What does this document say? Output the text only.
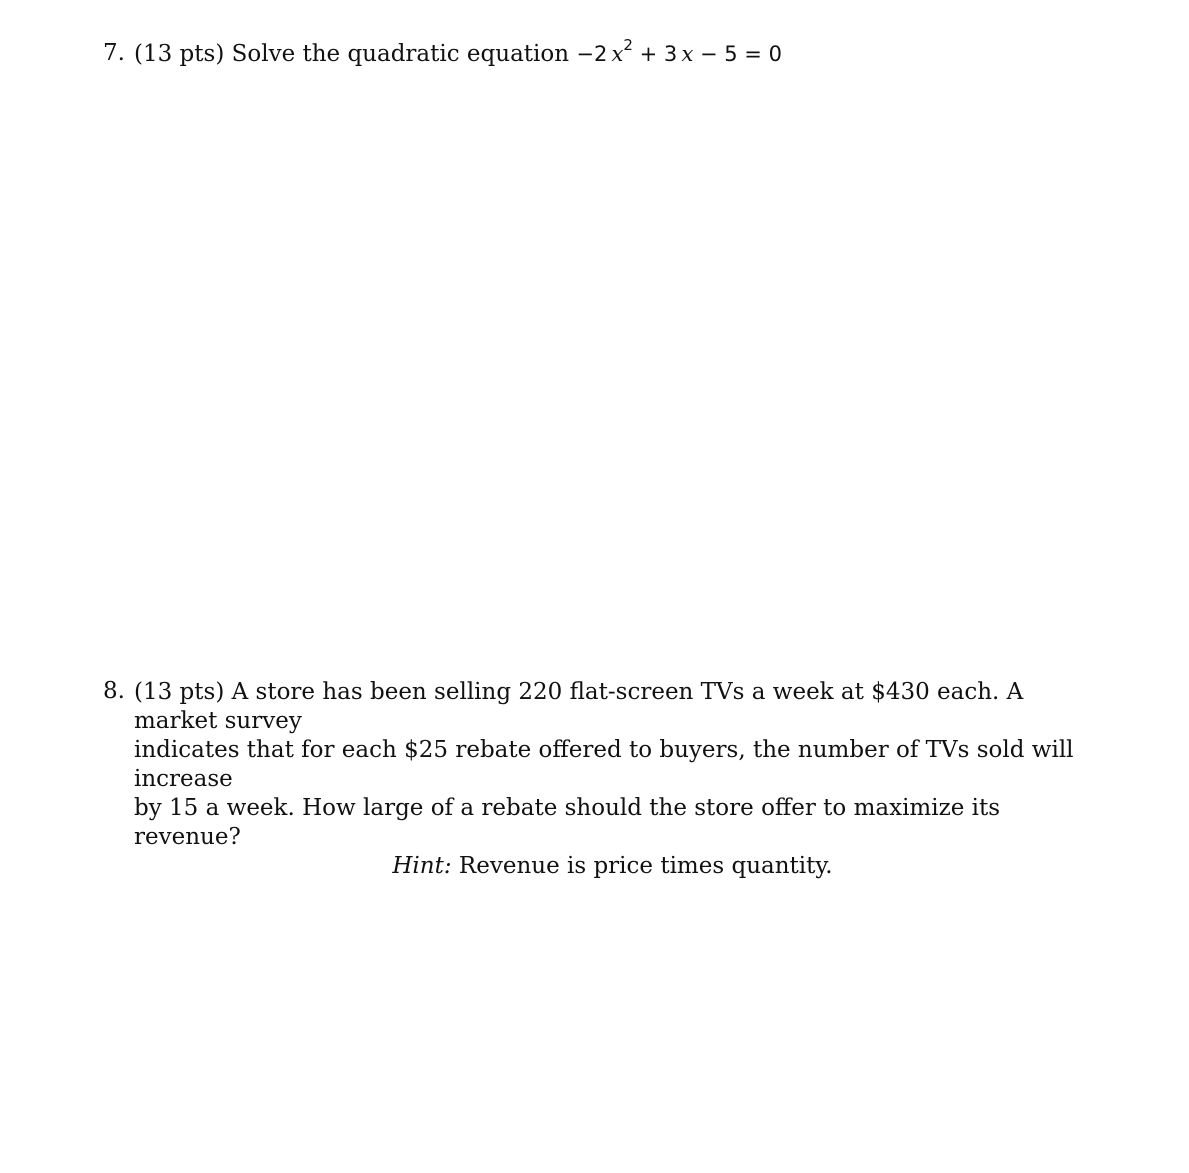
7. (13 pts) Solve the quadratic equation −2  $x^2 + 3$  x − 5 = 0
8. (13 pts) A store has been selling 220 flat-screen TVs a week at $430 each. A market survey
indicates that for each $25 rebate offered to buyers, the number of TVs sold will increase
by 15 a week. How large of a rebate should the store offer to maximize its revenue?
Hint: Revenue is price times quantity.
